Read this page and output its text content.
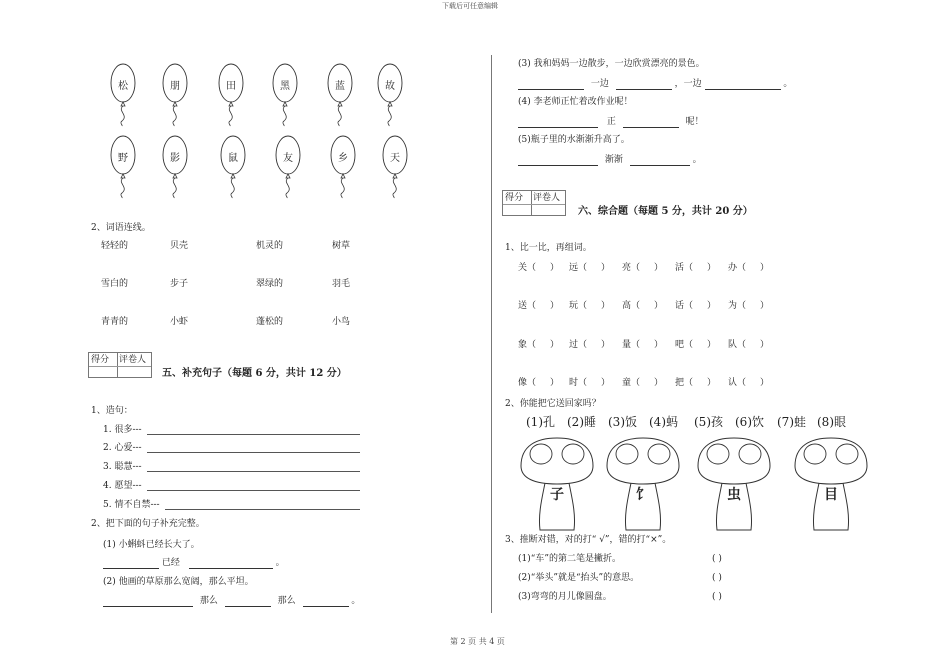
下载后可任意编辑
第 2 页 共 4 页
松	朋	田	黑	蓝	故
野	影	鼠	友	乡	天
2、词语连线。
轻轻的	贝壳	机灵的	树草
雪白的	步子	翠绿的	羽毛
青青的	小虾	蓬松的	小鸟
得分 评卷人
五、补充句子（每题 6 分，共计 12 分）
1、造句：
1. 很多---
2. 心爱---
3. 聪慧---
4. 愿望---
5. 情不自禁---
2、把下面的句子补充完整。
(1) 小蝌蚪已经长大了。
已经	。
(2) 他画的草原那么宽阔，那么平坦。
那么	那么	。
(3) 我和妈妈一边散步，一边欣赏漂亮的景色。
一边	，一边	。
(4) 李老师正忙着改作业呢！
正	呢！
(5)瓶子里的水渐渐升高了。
渐渐	。
得分 评卷人
六、综合题（每题 5 分，共计 20 分）
1、比一比，再组词。
关（ ） 远（ ） 亮（ ） 活（ ） 办（ ）
送（ ） 玩（ ） 高（ ） 话（ ） 为（ ）
象（ ） 过（ ） 量（ ） 吧（ ） 队（ ）
像（ ） 时（ ） 童（ ） 把（ ） 认（ ）
2、你能把它送回家吗？
(1)孔 (2)睡 (3)饭 (4)蚂 (5)孩 (6)饮 (7)蛙 (8)眼
子	饣	虫	目
3、推断对错，对的打“ √”，错的打“×”。
(1)“车”的第二笔是撇折。	( )
(2)“举头”就是“抬头”的意思。	( )
(3)弯弯的月儿像圆盘。	( )
